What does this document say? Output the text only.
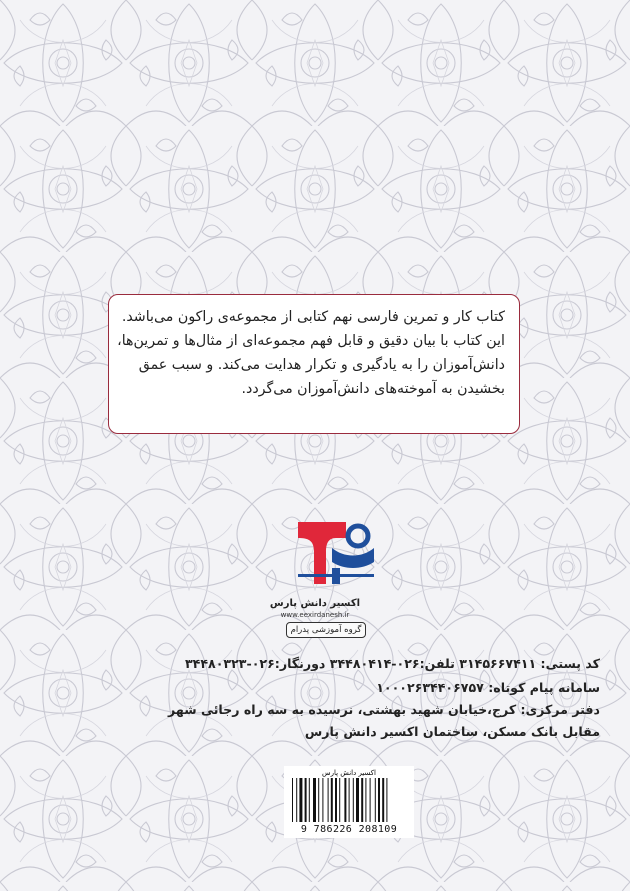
کتاب کار و تمرین فارسی نهم کتابی از مجموعه‌ی راکون می‌باشد.
این کتاب با بیان دقیق و قابل فهم مجموعه‌ای از مثال‌ها و تمرین‌ها،
دانش‌آموزان را به یادگیری و تکرار هدایت می‌کند. و سبب عمق
بخشیدن به آموخته‌های دانش‌آموزان می‌گردد.
اکسیر دانش پارس
www.eexirdanesh.ir
گروه آموزشی پدرام
کد پستی: ۳۱۴۵۶۶۷۴۱۱ تلفن:۰۲۶-۳۴۴۸۰۴۱۴ دورنگار:۰۲۶-۳۴۴۸۰۳۲۳
سامانه پیام کوتاه: ۱۰۰۰۲۶۳۴۴۰۶۷۵۷
دفتر مرکزی: کرج،خیابان شهید بهشتی، نرسیده به سه راه رجائی شهر
مقابل بانک مسکن، ساختمان اکسیر دانش پارس
اکسیر دانش پارس
9 786226 208109
